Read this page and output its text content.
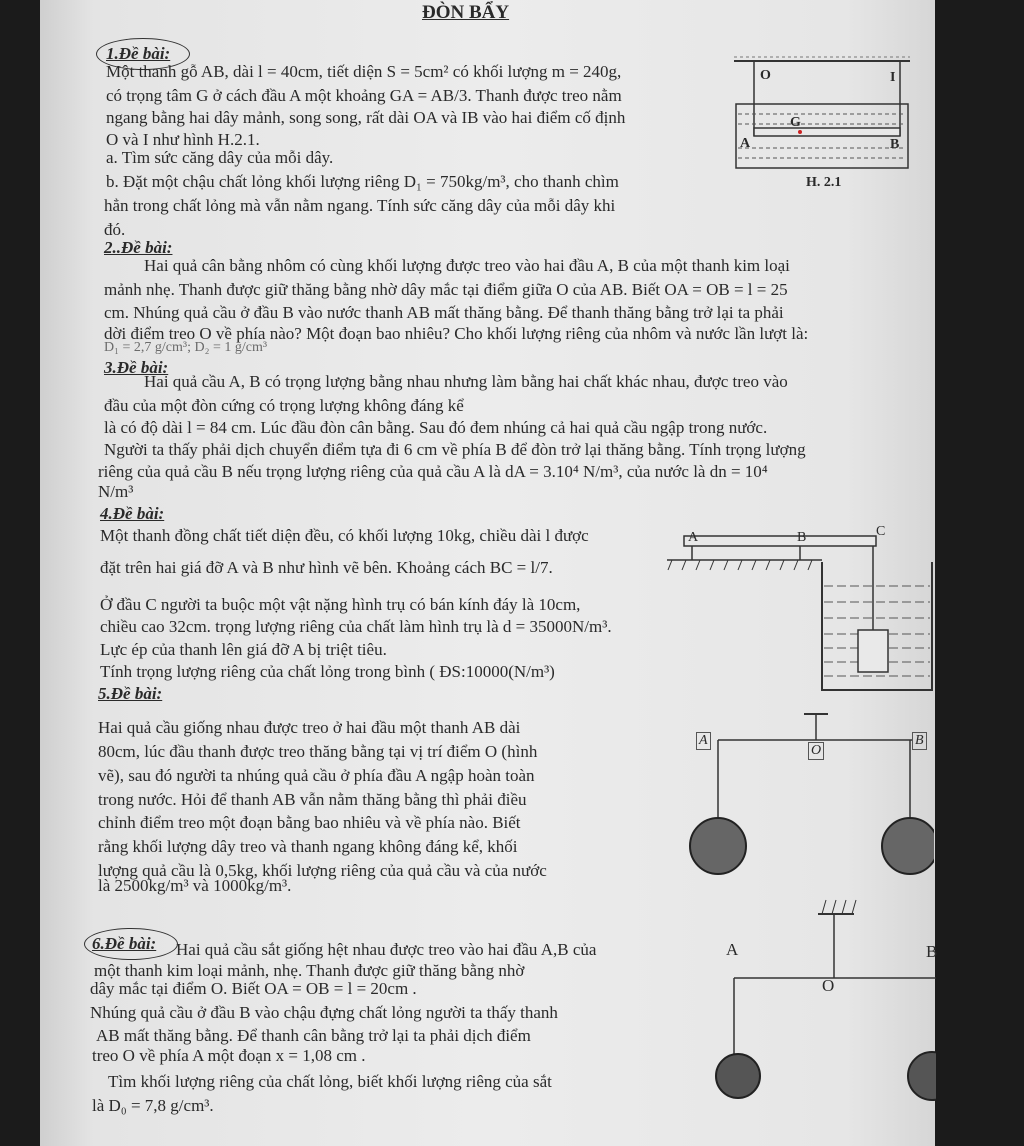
ĐÒN BẨY
1.Đề bài:
Một thanh gỗ AB, dài l = 40cm, tiết diện S = 5cm² có khối lượng m = 240g,
có trọng tâm G ở cách đầu A một khoảng GA = AB/3. Thanh được treo nằm
ngang bằng hai dây mảnh, song song, rất dài OA và IB vào hai điểm cố định
O và I như hình H.2.1.
a. Tìm sức căng dây của mỗi dây.
b. Đặt một chậu chất lỏng khối lượng riêng D₁ = 750kg/m³, cho thanh chìm
hẳn trong chất lỏng mà vẫn nằm ngang. Tính sức căng dây của mỗi dây khi
đó.
O	I
G
A	B
H. 2.1
2..Đề bài:
Hai quả cân bằng nhôm có cùng khối lượng được treo vào hai đầu A, B của một thanh kim loại
mảnh nhẹ. Thanh được giữ thăng bằng nhờ dây mắc tại điểm giữa O của AB. Biết OA = OB = l = 25
cm. Nhúng quả cầu ở đầu B vào nước thanh AB mất thăng bằng. Để thanh thăng bằng trở lại ta phải
dời điểm treo O về phía nào? Một đoạn bao nhiêu? Cho khối lượng riêng của nhôm và nước lần lượt là:
D₁ = 2,7 g/cm³; D₂ = 1 g/cm³
3.Đề bài:
Hai quả cầu A, B có trọng lượng bằng nhau nhưng làm bằng hai chất khác nhau, được treo vào
đầu của một đòn cứng có trọng lượng không đáng kể
là có độ dài l = 84 cm. Lúc đầu đòn cân bằng. Sau đó đem nhúng cả hai quả cầu ngập trong nước.
Người ta thấy phải dịch chuyển điểm tựa đi 6 cm về phía B để đòn trở lại thăng bằng. Tính trọng lượng
riêng của quả cầu B nếu trọng lượng riêng của quả cầu A là dA = 3.10⁴ N/m³, của nước là dn = 10⁴
N/m³
4.Đề bài:
Một thanh đồng chất tiết diện đều, có khối lượng 10kg, chiều dài l được
đặt trên hai giá đỡ A và B như hình vẽ bên. Khoảng cách BC = l/7.
Ở đầu C người ta buộc một vật nặng hình trụ có bán kính đáy là 10cm,
chiều cao 32cm. trọng lượng riêng của chất làm hình trụ là d = 35000N/m³.
Lực ép của thanh lên giá đỡ A bị triệt tiêu.
Tính trọng lượng riêng của chất lỏng trong bình ( ĐS:10000(N/m³)
A	B	C
5.Đề bài:
Hai quả cầu giống nhau được treo ở hai đầu một thanh AB dài
80cm, lúc đầu thanh được treo thăng bằng tại vị trí điểm O (hình
vẽ), sau đó người ta nhúng quả cầu ở phía đầu A ngập hoàn toàn
trong nước. Hỏi để thanh AB vẫn nằm thăng bằng thì phải điều
chỉnh điểm treo một đoạn bằng bao nhiêu và về phía nào. Biết
rằng khối lượng dây treo và thanh ngang không đáng kể, khối
lượng quả cầu là 0,5kg, khối lượng riêng của quả cầu và của nước
là 2500kg/m³ và 1000kg/m³.
A
O
B
6.Đề bài: Hai quả cầu sắt giống hệt nhau được treo vào hai đầu A,B của
một thanh kim loại mảnh, nhẹ. Thanh được giữ thăng bằng nhờ
dây mắc tại điểm O. Biết OA = OB = l = 20cm .
Nhúng quả cầu ở đầu B vào chậu đựng chất lỏng người ta thấy thanh
AB mất thăng bằng. Để thanh cân bằng trở lại ta phải dịch điểm
treo O về phía A một đoạn x = 1,08 cm .
Tìm khối lượng riêng của chất lỏng, biết khối lượng riêng của sắt
là D₀ = 7,8 g/cm³.
A	B
O
